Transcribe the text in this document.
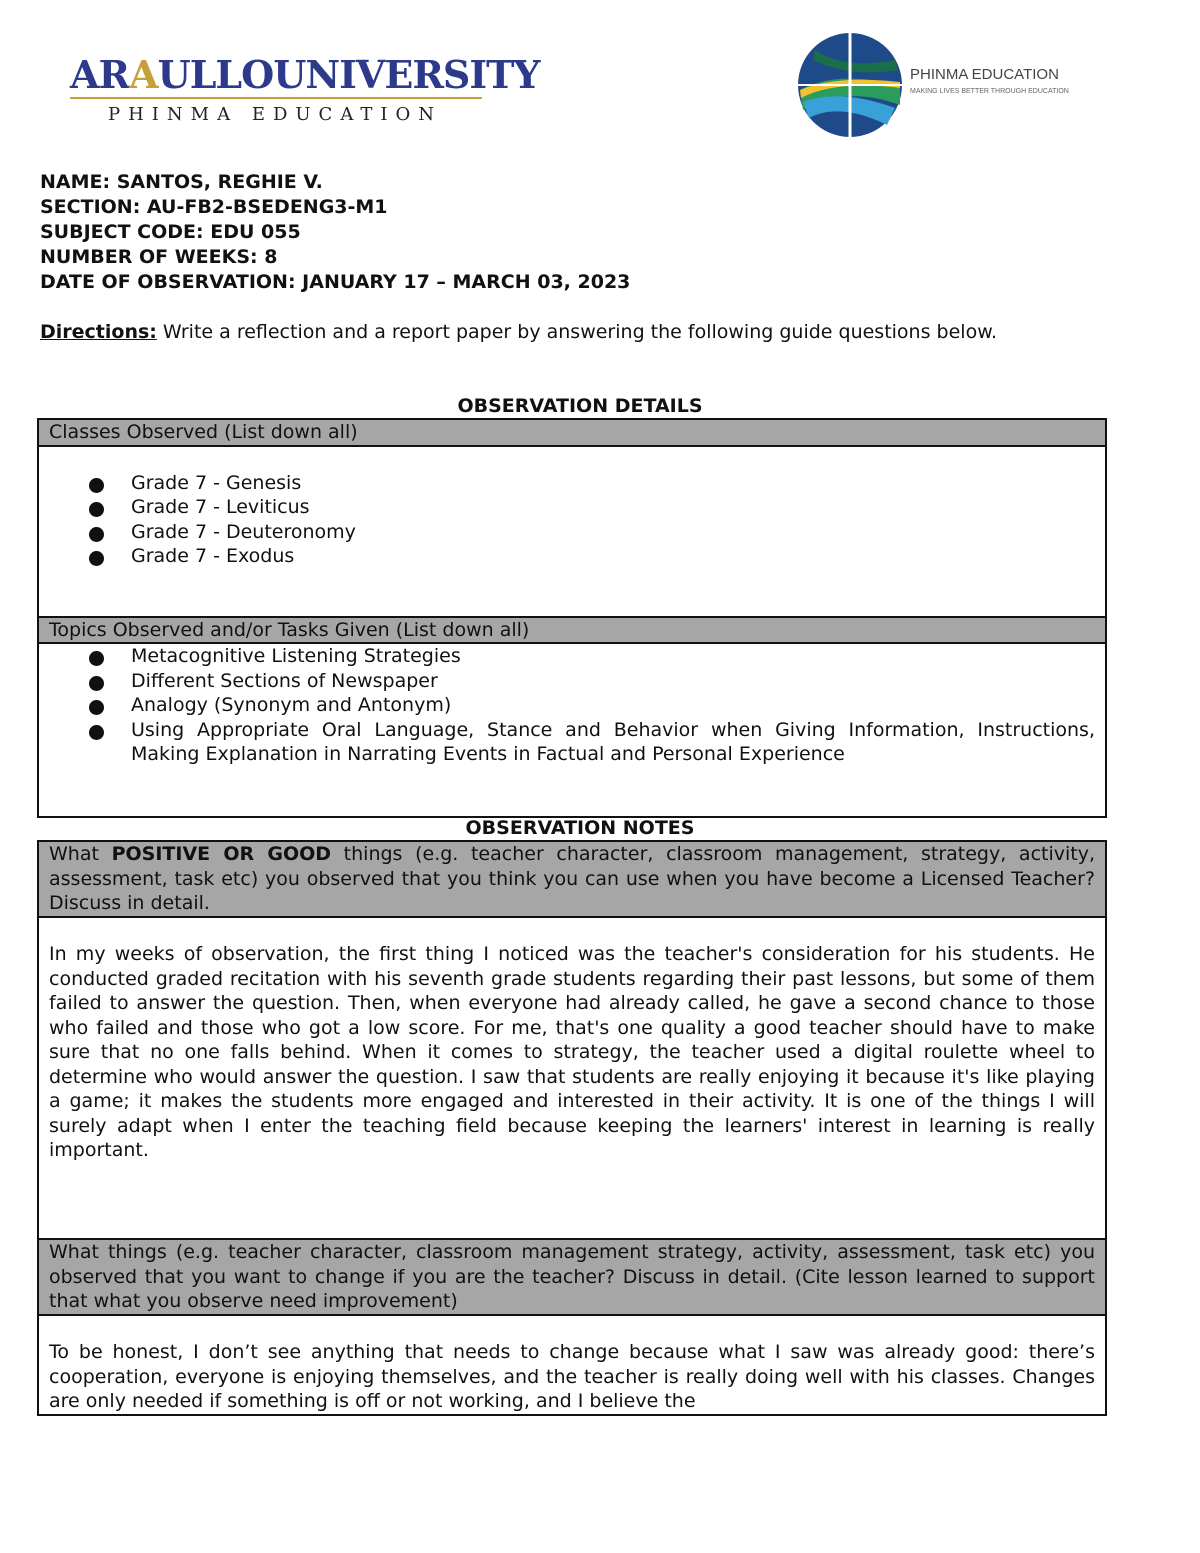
ARAULLOUNIVERSITY
PHINMA EDUCATION
PHINMA EDUCATION
MAKING LIVES BETTER THROUGH EDUCATION
NAME: SANTOS, REGHIE V.
SECTION: AU-FB2-BSEDENG3-M1
SUBJECT CODE: EDU 055
NUMBER OF WEEKS: 8
DATE OF OBSERVATION: JANUARY 17 – MARCH 03, 2023
Directions: Write a reflection and a report paper by answering the following guide questions below.
OBSERVATION DETAILS
Classes Observed (List down all)

Grade 7 - Genesis
Grade 7 - Leviticus
Grade 7 - Deuteronomy
Grade 7 - Exodus

Topics Observed and/or Tasks Given (List down all)

Metacognitive Listening Strategies
Different Sections of Newspaper
Analogy (Synonym and Antonym)
Using Appropriate Oral Language, Stance and Behavior when Giving Information, Instructions, Making Explanation in Narrating Events in Factual and Personal Experience
OBSERVATION NOTES
What POSITIVE OR GOOD things (e.g. teacher character, classroom management, strategy, activity, assessment, task etc) you observed that you think you can use when you have become a Licensed Teacher? Discuss in detail.
In my weeks of observation, the first thing I noticed was the teacher's consideration for his students. He conducted graded recitation with his seventh grade students regarding their past lessons, but some of them failed to answer the question. Then, when everyone had already called, he gave a second chance to those who failed and those who got a low score. For me, that's one quality a good teacher should have to make sure that no one falls behind. When it comes to strategy, the teacher used a digital roulette wheel to determine who would answer the question. I saw that students are really enjoying it because it's like playing a game; it makes the students more engaged and interested in their activity. It is one of the things I will surely adapt when I enter the teaching field because keeping the learners' interest in learning is really important.
What things (e.g. teacher character, classroom management strategy, activity, assessment, task etc) you observed that you want to change if you are the teacher? Discuss in detail. (Cite lesson learned to support that what you observe need improvement)
To be honest, I don’t see anything that needs to change because what I saw was already good: there’s cooperation, everyone is enjoying themselves, and the teacher is really doing well with his classes. Changes are only needed if something is off or not working, and I believe the
